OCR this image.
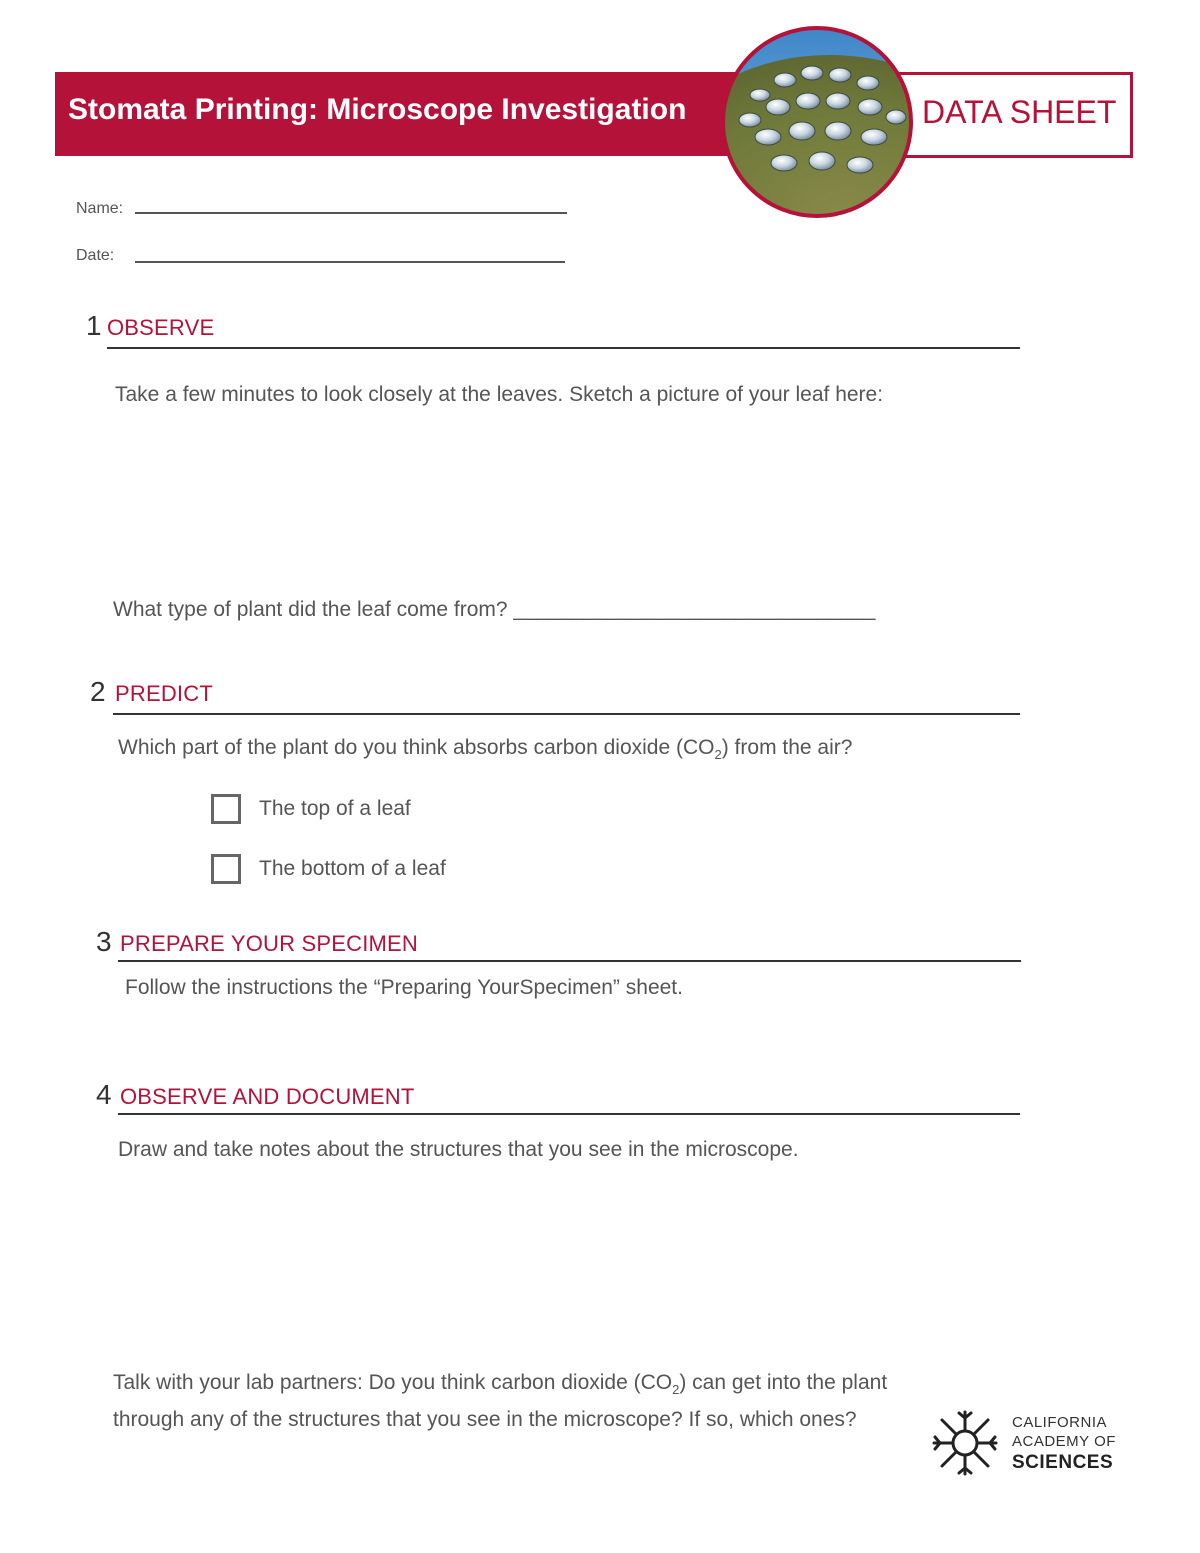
Stomata Printing: Microscope Investigation	DATA SHEET
Name:
Date:
1 OBSERVE
Take a few minutes to look closely at the leaves. Sketch a picture of your leaf here:
What type of plant did the leaf come from? _______________________________
2 PREDICT
Which part of the plant do you think absorbs carbon dioxide $(CO_2)$ from the air?
The top of a leaf
The bottom of a leaf
3 PREPARE YOUR SPECIMEN
Follow the instructions the “Preparing YourSpecimen” sheet.
4 OBSERVE AND DOCUMENT
Draw and take notes about the structures that you see in the microscope.
Talk with your lab partners: Do you think carbon dioxide $(CO_2)$ can get into the plant through any of the structures that you see in the microscope? If so, which ones?	CALIFORNIA
ACADEMY OF
SCIENCES
